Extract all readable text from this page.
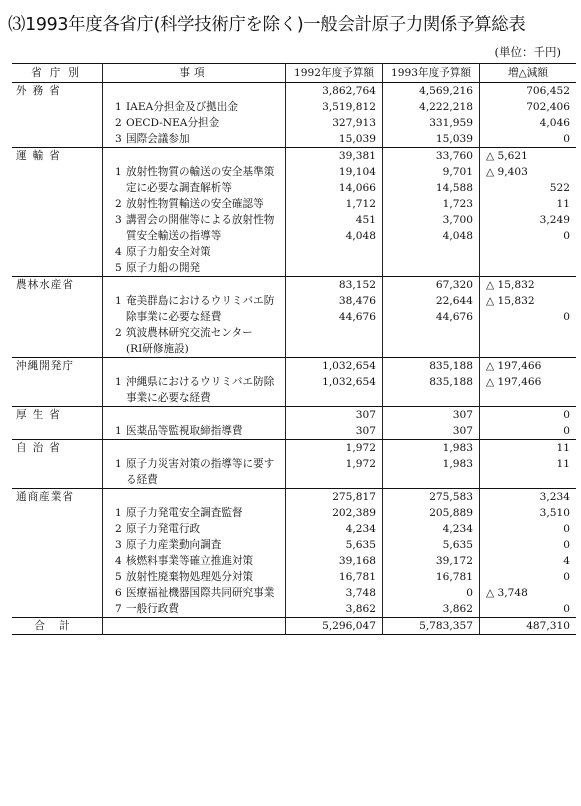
⑶1993年度各省庁(科学技術庁を除く)一般会計原子力関係予算総表
(単位：千円)
省庁別	事項	1992年度予算額	1993年度予算額	増△減額
外務省		3,862,764	4,569,216	706,452

	1 IAEA分担金及び拠出金	3,519,812	4,222,218	702,406

	2 OECD-NEA分担金	327,913	331,959	4,046

	3 国際会議参加	15,039	15,039	0
運輸省		39,381	33,760	△ 5,621

	1 放射性物質の輸送の安全基準策	19,104	9,701	△ 9,403

	定に必要な調査解析等	14,066	14,588	522

	2 放射性物質輸送の安全確認等	1,712	1,723	11

	3 講習会の開催等による放射性物	451	3,700	3,249

	質安全輸送の指導等	4,048	4,048	0

	4 原子力船安全対策			

	5 原子力船の開発			

農林水産省		83,152	67,320	△ 15,832

	1 奄美群島におけるウリミバエ防	38,476	22,644	△ 15,832

	除事業に必要な経費	44,676	44,676	0

	2 筑波農林研究交流センター			

	(RI研修施設)			

沖縄開発庁		1,032,654	835,188	△ 197,466

	1 沖縄県におけるウリミバエ防除	1,032,654	835,188	△ 197,466

	事業に必要な経費			

厚生省		307	307	0

	1 医薬品等監視取締指導費	307	307	0
自治省		1,972	1,983	11

	1 原子力災害対策の指導等に要す	1,972	1,983	11

	る経費			

通商産業省		275,817	275,583	3,234

	1 原子力発電安全調査監督	202,389	205,889	3,510

	2 原子力発電行政	4,234	4,234	0

	3 原子力産業動向調査	5,635	5,635	0

	4 核燃料事業等確立推進対策	39,168	39,172	4

	5 放射性廃棄物処理処分対策	16,781	16,781	0

	6 医療福祉機器国際共同研究事業	3,748	0	△ 3,748

	7 一般行政費	3,862	3,862	0
合計		5,296,047	5,783,357	487,310
